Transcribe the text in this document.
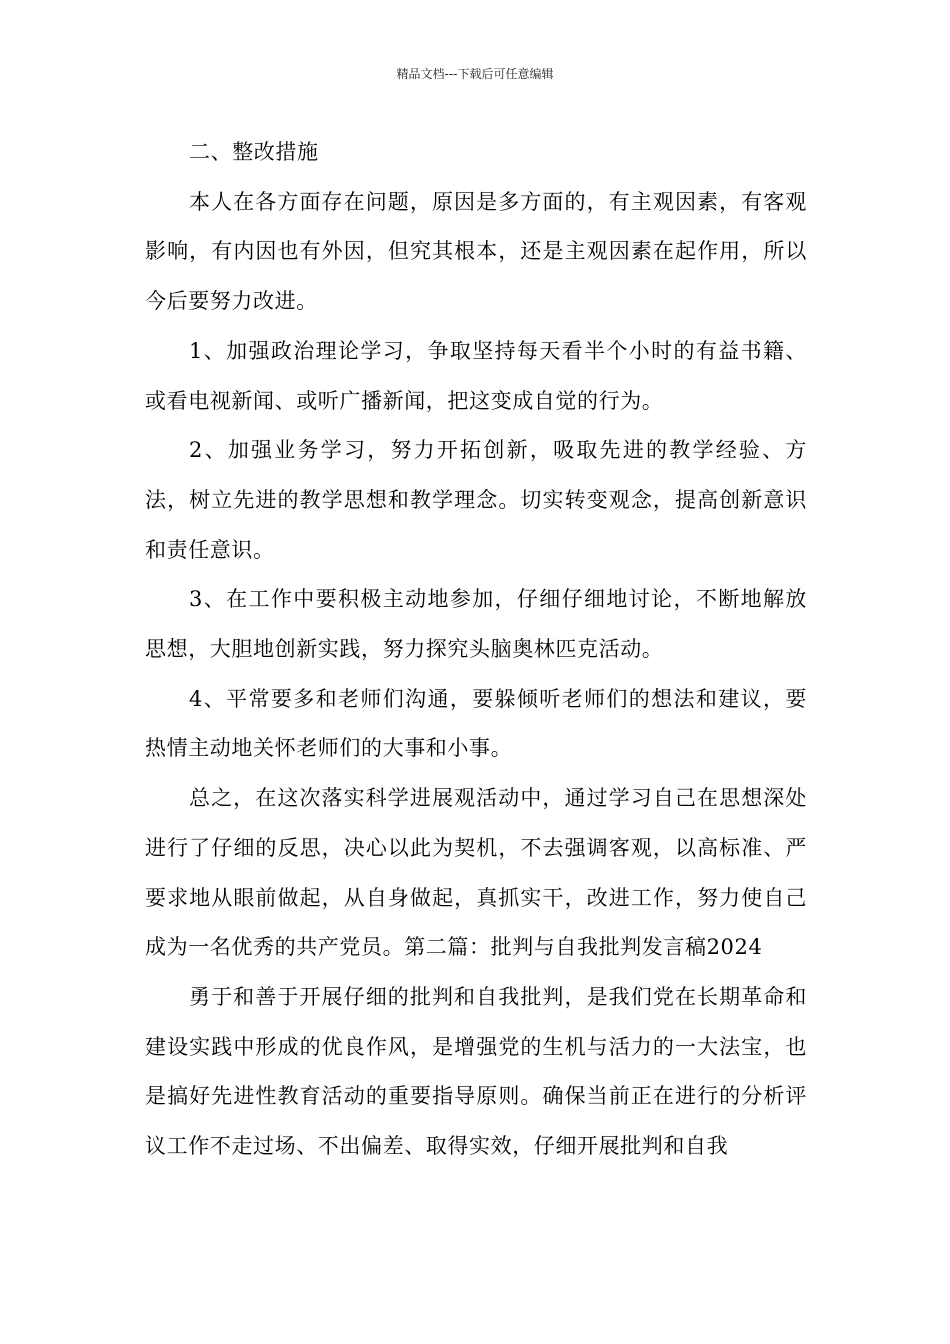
精品文档---下载后可任意编辑

二、整改措施

本人在各方面存在问题，原因是多方面的，有主观因素，有客观影响，有内因也有外因，但究其根本，还是主观因素在起作用，所以今后要努力改进。

1、加强政治理论学习，争取坚持每天看半个小时的有益书籍、或看电视新闻、或听广播新闻，把这变成自觉的行为。

2、加强业务学习，努力开拓创新，吸取先进的教学经验、方法，树立先进的教学思想和教学理念。切实转变观念，提高创新意识和责任意识。

3、在工作中要积极主动地参加，仔细仔细地讨论，不断地解放思想，大胆地创新实践，努力探究头脑奥林匹克活动。

4、平常要多和老师们沟通，要躲倾听老师们的想法和建议，要热情主动地关怀老师们的大事和小事。

总之，在这次落实科学进展观活动中，通过学习自己在思想深处进行了仔细的反思，决心以此为契机，不去强调客观，以高标准、严要求地从眼前做起，从自身做起，真抓实干，改进工作，努力使自己成为一名优秀的共产党员。第二篇：批判与自我批判发言稿2024

勇于和善于开展仔细的批判和自我批判，是我们党在长期革命和建设实践中形成的优良作风，是增强党的生机与活力的一大法宝，也是搞好先进性教育活动的重要指导原则。确保当前正在进行的分析评议工作不走过场、不出偏差、取得实效，仔细开展批判和自我
